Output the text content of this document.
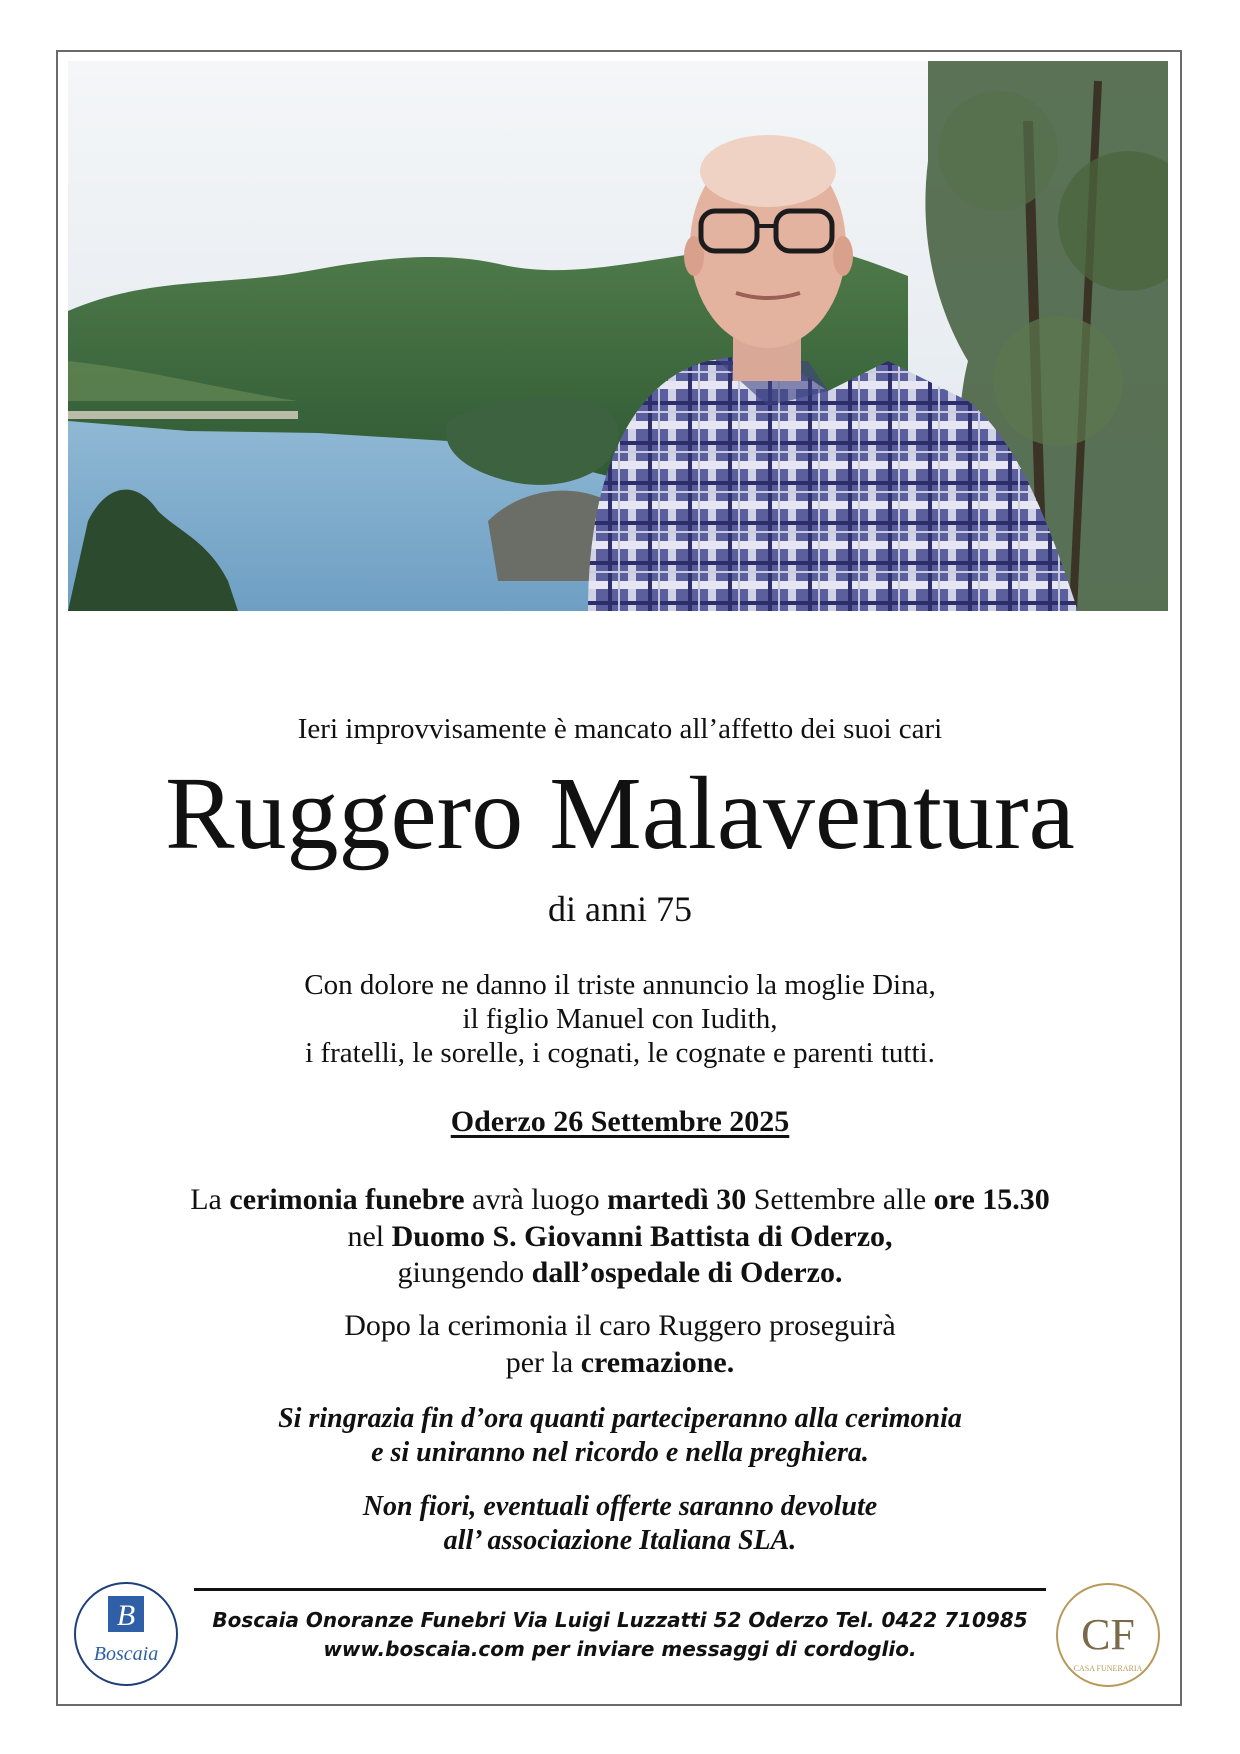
Ieri improvvisamente è mancato all’affetto dei suoi cari
Ruggero Malaventura
di anni 75
Con dolore ne danno il triste annuncio la moglie Dina,
il figlio Manuel con Iudith,
i fratelli, le sorelle, i cognati, le cognate e parenti tutti.
Oderzo 26 Settembre 2025
La cerimonia funebre avrà luogo martedì 30 Settembre alle ore 15.30
nel Duomo S. Giovanni Battista di Oderzo,
giungendo dall’ospedale di Oderzo.
Dopo la cerimonia il caro Ruggero proseguirà
per la cremazione.
Si ringrazia fin d’ora quanti parteciperanno alla cerimonia
e si uniranno nel ricordo e nella preghiera.
Non fiori, eventuali offerte saranno devolute
all’ associazione Italiana SLA.
Boscaia Onoranze Funebri Via Luigi Luzzatti 52 Oderzo Tel. 0422 710985
www.boscaia.com per inviare messaggi di cordoglio.
B
Boscaia	CF
CASA FUNERARIA
